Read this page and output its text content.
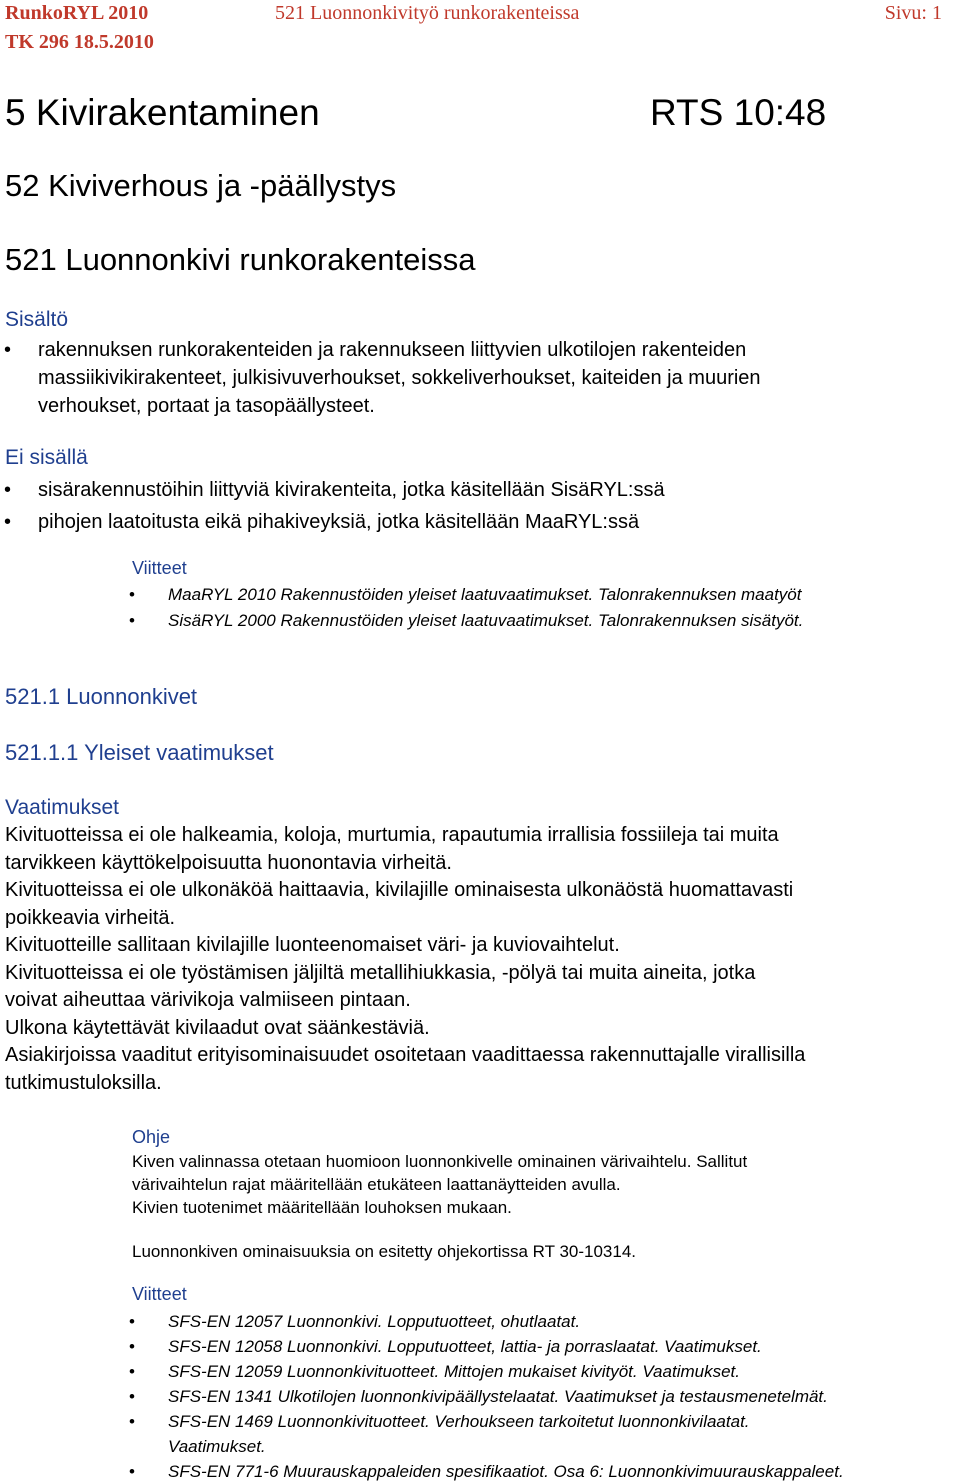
RunkoRYL 2010
TK 296 18.5.2010
521 Luonnonkivityö runkorakenteissa	Sivu: 1
5 Kivirakentaminen	RTS 10:48
52 Kiviverhous ja -päällystys
521 Luonnonkivi runkorakenteissa
Sisältö
• rakennuksen runkorakenteiden ja rakennukseen liittyvien ulkotilojen rakenteiden
massiikivikirakenteet, julkisivuverhoukset, sokkeliverhoukset, kaiteiden ja muurien
verhoukset, portaat ja tasopäällysteet.
Ei sisällä
• sisärakennustöihin liittyviä kivirakenteita, jotka käsitellään SisäRYL:ssä
• pihojen laatoitusta eikä pihakiveyksiä, jotka käsitellään MaaRYL:ssä
Viitteet
• MaaRYL 2010 Rakennustöiden yleiset laatuvaatimukset. Talonrakennuksen maatyöt
• SisäRYL 2000 Rakennustöiden yleiset laatuvaatimukset. Talonrakennuksen sisätyöt.
521.1 Luonnonkivet
521.1.1 Yleiset vaatimukset
Vaatimukset
Kivituotteissa ei ole halkeamia, koloja, murtumia, rapautumia irrallisia fossiileja tai muita
tarvikkeen käyttökelpoisuutta huonontavia virheitä.
Kivituotteissa ei ole ulkonäköä haittaavia, kivilajille ominaisesta ulkonäöstä huomattavasti
poikkeavia virheitä.
Kivituotteille sallitaan kivilajille luonteenomaiset väri- ja kuviovaihtelut.
Kivituotteissa ei ole työstämisen jäljiltä metallihiukkasia, -pölyä tai muita aineita, jotka
voivat aiheuttaa värivikoja valmiiseen pintaan.
Ulkona käytettävät kivilaadut ovat säänkestäviä.
Asiakirjoissa vaaditut erityisominaisuudet osoitetaan vaadittaessa rakennuttajalle virallisilla
tutkimustuloksilla.
Ohje
Kiven valinnassa otetaan huomioon luonnonkivelle ominainen värivaihtelu. Sallitut
värivaihtelun rajat määritellään etukäteen laattanäytteiden avulla.
Kivien tuotenimet määritellään louhoksen mukaan.
Luonnonkiven ominaisuuksia on esitetty ohjekortissa RT 30-10314.
Viitteet
• SFS-EN 12057 Luonnonkivi. Lopputuotteet, ohutlaatat.
• SFS-EN 12058 Luonnonkivi. Lopputuotteet, lattia- ja porraslaatat. Vaatimukset.
• SFS-EN 12059 Luonnonkivituotteet. Mittojen mukaiset kivityöt. Vaatimukset.
• SFS-EN 1341 Ulkotilojen luonnonkivipäällystelaatat. Vaatimukset ja testausmenetelmät.
• SFS-EN 1469 Luonnonkivituotteet. Verhoukseen tarkoitetut luonnonkivilaatat.
Vaatimukset.
• SFS-EN 771-6 Muurauskappaleiden spesifikaatiot. Osa 6: Luonnonkivimuurauskappaleet.
